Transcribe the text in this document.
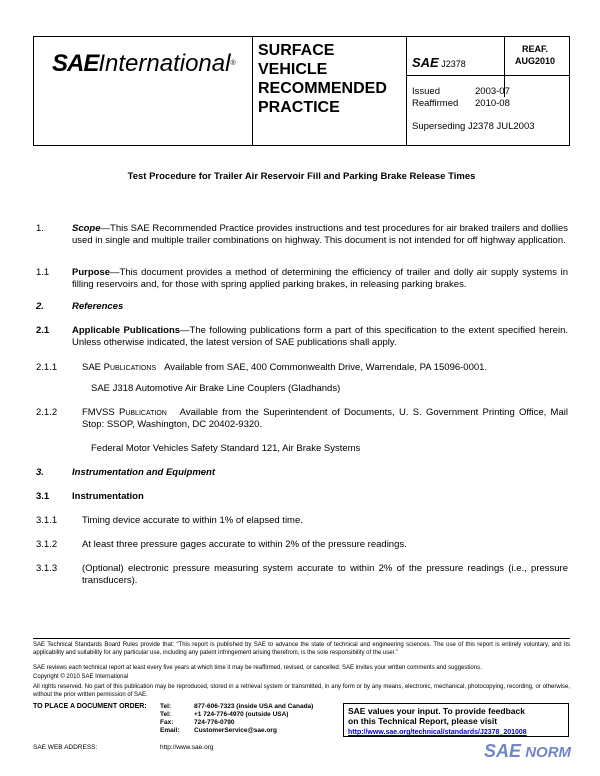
SAEInternational®
SURFACE
VEHICLE
RECOMMENDED
PRACTICE
SAE J2378
REAF.
AUG2010
Issued	2003-07
Reaffirmed 2010-08
Superseding J2378 JUL2003
Test Procedure for Trailer Air Reservoir Fill and Parking Brake Release Times
1.	Scope—This SAE Recommended Practice provides instructions and test procedures for air braked trailers and dollies used in single and multiple trailer combinations on highway. This document is not intended for off highway application.
1.1 Purpose—This document provides a method of determining the efficiency of trailer and dolly air supply systems in filling reservoirs and, for those with spring applied parking brakes, in releasing parking brakes.
2.	References
2.1 Applicable Publications—The following publications form a part of this specification to the extent specified herein. Unless otherwise indicated, the latest version of SAE publications shall apply.
2.1.1	SAE Publications Available from SAE, 400 Commonwealth Drive, Warrendale, PA 15096-0001.
SAE J318 Automotive Air Brake Line Couplers (Gladhands)
2.1.2	FMVSS Publication Available from the Superintendent of Documents, U. S. Government Printing Office, Mail Stop: SSOP, Washington, DC 20402-9320.
Federal Motor Vehicles Safety Standard 121, Air Brake Systems
3.	Instrumentation and Equipment
3.1 Instrumentation
3.1.1	Timing device accurate to within 1% of elapsed time.
3.1.2	At least three pressure gages accurate to within 2% of the pressure readings.
3.1.3	(Optional) electronic pressure measuring system accurate to within 2% of the pressure readings (i.e., pressure transducers).
SAE Technical Standards Board Rules provide that: “This report is published by SAE to advance the state of technical and engineering sciences. The use of this report is entirely voluntary, and its applicability and suitability for any particular use, including any patent infringement arising therefrom, is the sole responsibility of the user.”
SAE reviews each technical report at least every five years at which time it may be reaffirmed, revised, or cancelled. SAE invites your written comments and suggestions.
Copyright © 2010 SAE International
All rights reserved. No part of this publication may be reproduced, stored in a retrieval system or transmitted, in any form or by any means, electronic, mechanical, photocopying, recording, or otherwise, without the prior written permission of SAE.
TO PLACE A DOCUMENT ORDER: Tel:	877-606-7323 (inside USA and Canada)
Tel:	+1 724-776-4970 (outside USA)
Fax:	724-776-0790
Email: CustomerService@sae.org
SAE WEB ADDRESS:	http://www.sae.org
SAE values your input. To provide feedback
on this Technical Report, please visit
http://www.sae.org/technical/standards/J2378_201008
SAE NORM
